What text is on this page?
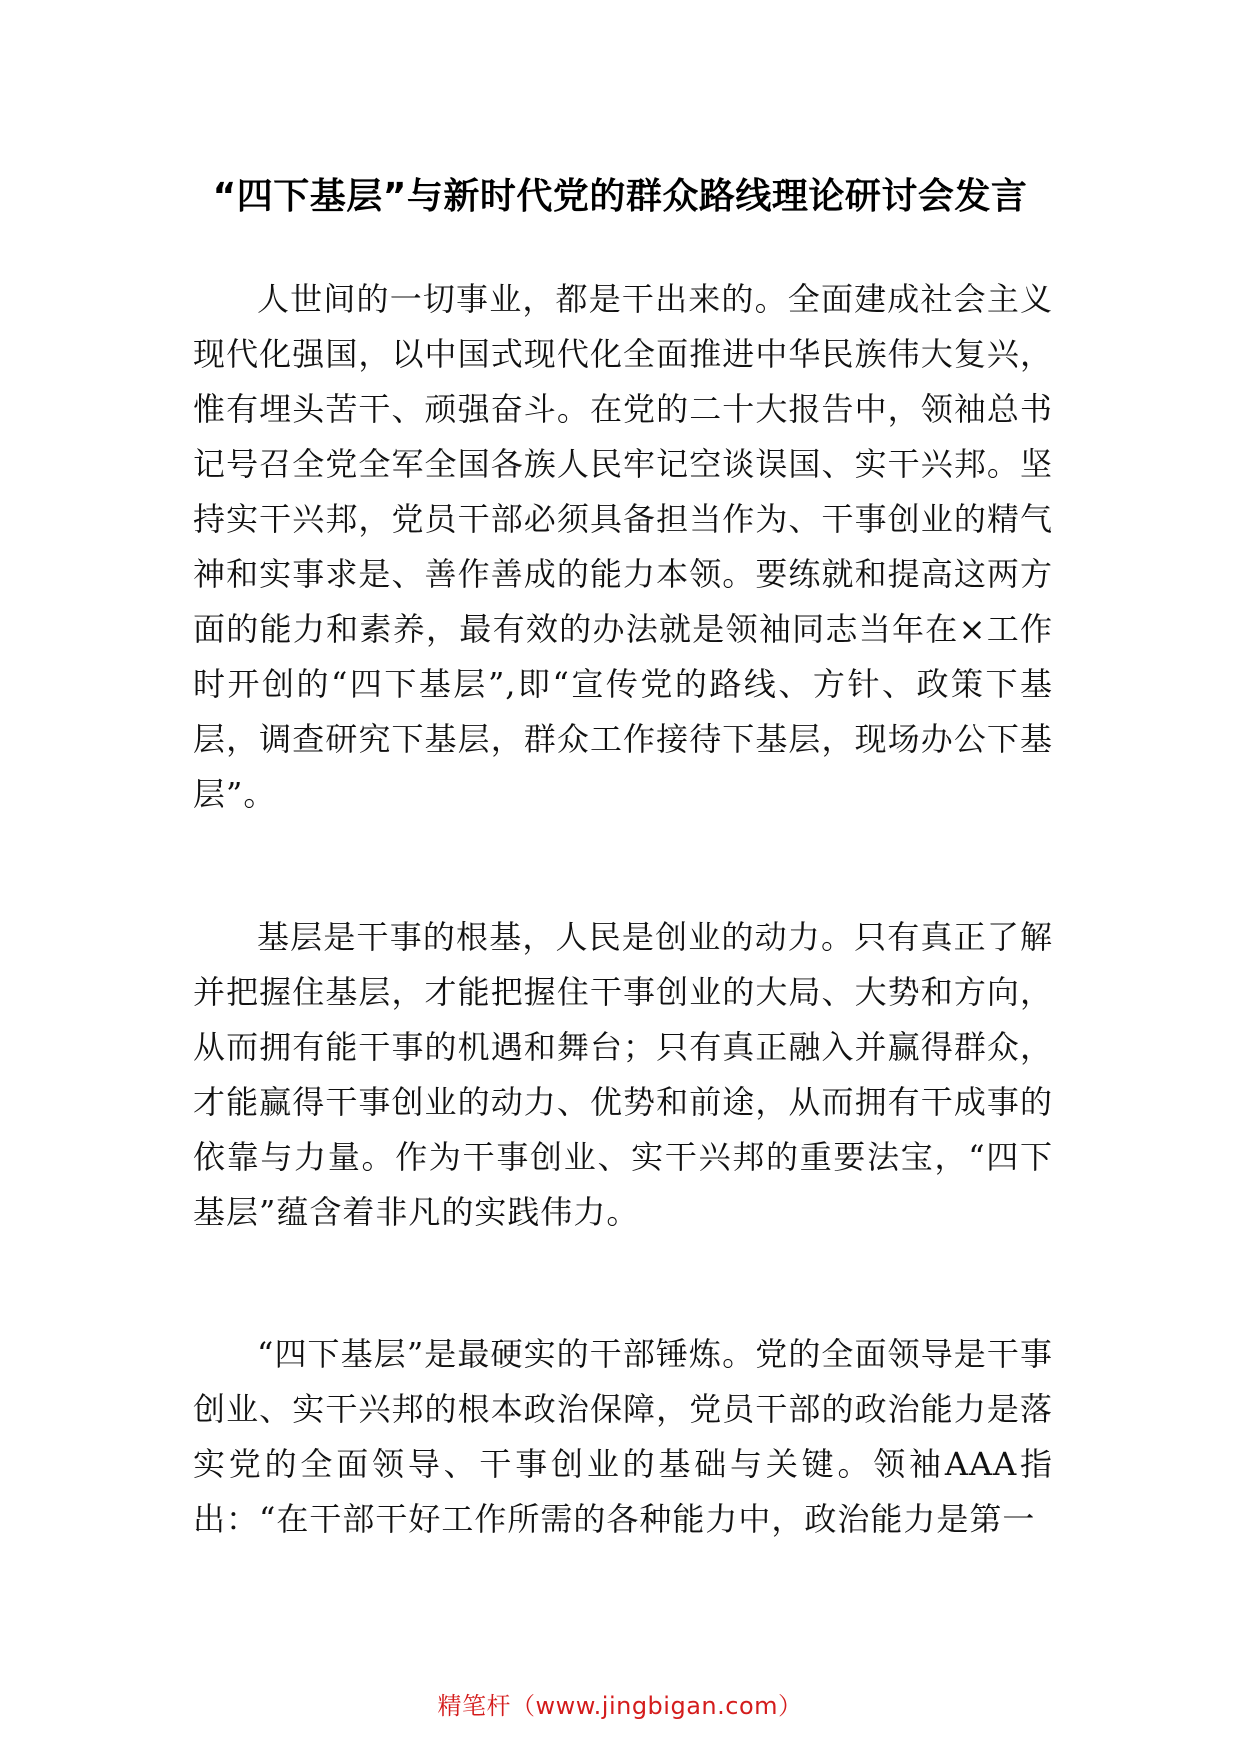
“四下基层”与新时代党的群众路线理论研讨会发言

人世间的一切事业，都是干出来的。全面建成社会主义现代化强国，以中国式现代化全面推进中华民族伟大复兴，惟有埋头苦干、顽强奋斗。在党的二十大报告中，领袖总书记号召全党全军全国各族人民牢记空谈误国、实干兴邦。坚持实干兴邦，党员干部必须具备担当作为、干事创业的精气神和实事求是、善作善成的能力本领。要练就和提高这两方面的能力和素养，最有效的办法就是领袖同志当年在×工作时开创的“四下基层”,即“宣传党的路线、方针、政策下基层，调查研究下基层，群众工作接待下基层，现场办公下基层”。

基层是干事的根基，人民是创业的动力。只有真正了解并把握住基层，才能把握住干事创业的大局、大势和方向，从而拥有能干事的机遇和舞台；只有真正融入并赢得群众，才能赢得干事创业的动力、优势和前途，从而拥有干成事的依靠与力量。作为干事创业、实干兴邦的重要法宝，“四下基层”蕴含着非凡的实践伟力。

“四下基层”是最硬实的干部锤炼。党的全面领导是干事创业、实干兴邦的根本政治保障，党员干部的政治能力是落实党的全面领导、干事创业的基础与关键。领袖AAA指出：“在干部干好工作所需的各种能力中，政治能力是第一

精笔杆（www.jingbigan.com）
